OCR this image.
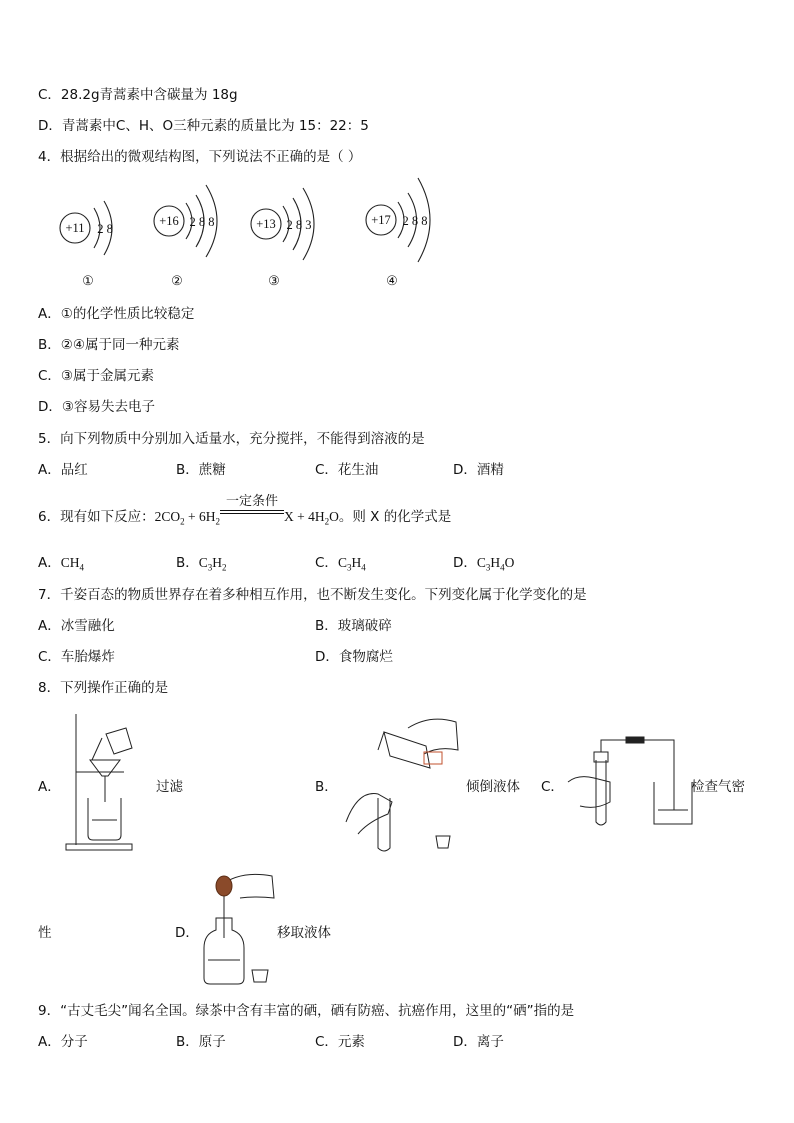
C．28.2g青蒿素中含碳量为 18g
D．青蒿素中C、H、O三种元素的质量比为 15：22：5
4．根据给出的微观结构图，下列说法不正确的是（ ）
+11 2 8
+16 2 8 8	+13 2 8 3	+17 2 8 8
①	②	③	④
A．①的化学性质比较稳定
B．②④属于同一种元素
C．③属于金属元素
D．③容易失去电子
5．向下列物质中分别加入适量水，充分搅拌，不能得到溶液的是
A．品红	B．蔗糖	C．花生油	D．酒精
6．现有如下反应：$2CO_2 + 6H_2$
一定条件
$X + 4H_2O$。则 X 的化学式是
A．$CH_4$	B．$C_3H_2$	C．$C_3H_4$	D．$C_3H_4O$
7．千姿百态的物质世界存在着多种相互作用，也不断发生变化。下列变化属于化学变化的是
A．冰雪融化	B．玻璃破碎
C．车胎爆炸	D．食物腐烂
8．下列操作正确的是
A．	过滤	B．	倾倒液体 C．	检查气密
性	D．	移取液体
9．“古丈毛尖”闻名全国。绿茶中含有丰富的硒，硒有防癌、抗癌作用，这里的“硒”指的是
A．分子	B．原子	C．元素	D．离子
